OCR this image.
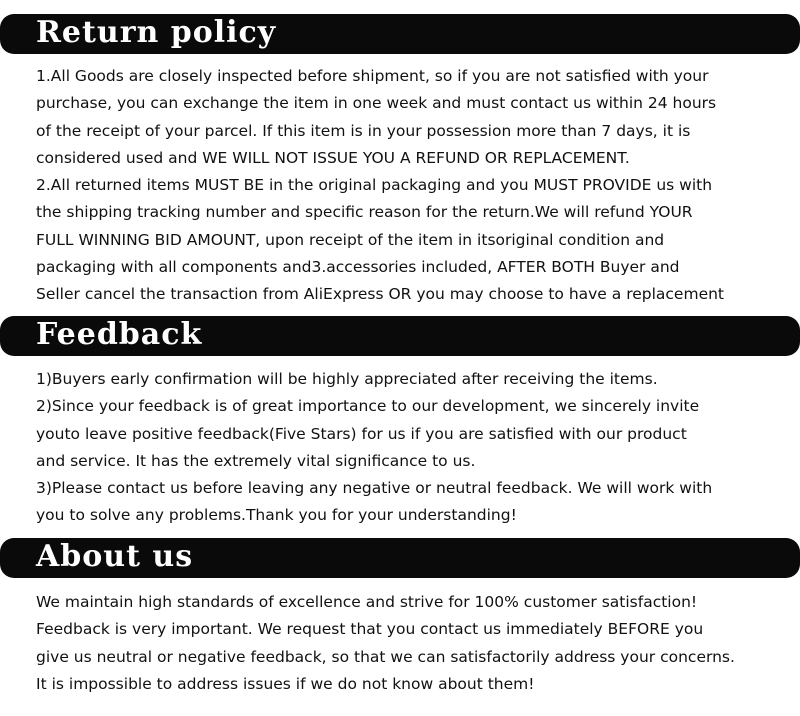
Return policy
1.All Goods are closely inspected before shipment, so if you are not satisfied with your
purchase, you can exchange the item in one week and must contact us within 24 hours
of the receipt of your parcel. If this item is in your possession more than 7 days, it is
considered used and WE WILL NOT ISSUE YOU A REFUND OR REPLACEMENT.
2.All returned items MUST BE in the original packaging and you MUST PROVIDE us with
the shipping tracking number and specific reason for the return.We will refund YOUR
FULL WINNING BID AMOUNT, upon receipt of the item in itsoriginal condition and
packaging with all components and3.accessories included, AFTER BOTH Buyer and
Seller cancel the transaction from AliExpress OR you may choose to have a replacement
Feedback
1)Buyers early confirmation will be highly appreciated after receiving the items.
2)Since your feedback is of great importance to our development, we sincerely invite
youto leave positive feedback(Five Stars) for us if you are satisfied with our product
and service. It has the extremely vital significance to us.
3)Please contact us before leaving any negative or neutral feedback. We will work with
you to solve any problems.Thank you for your understanding!
About us
We maintain high standards of excellence and strive for 100% customer satisfaction!
Feedback is very important. We request that you contact us immediately BEFORE you
give us neutral or negative feedback, so that we can satisfactorily address your concerns.
It is impossible to address issues if we do not know about them!
